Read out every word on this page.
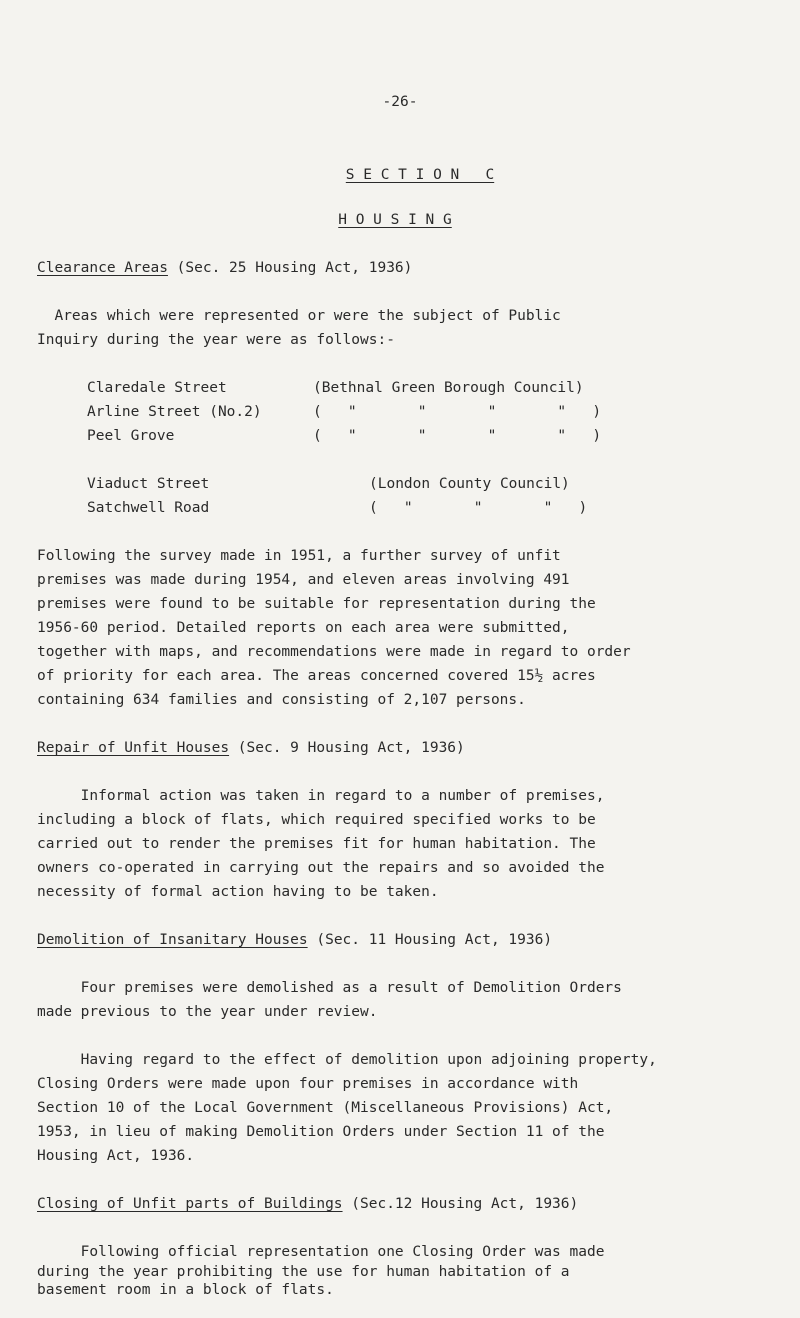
-26-
S E C T I O N   C
H O U S I N G
Clearance Areas (Sec. 25 Housing Act, 1936)
Areas which were represented or were the subject of Public
Inquiry during the year were as follows:-
Claredale Street	(Bethnal Green Borough Council)
Arline Street (No.2)	(   "       "       "       "   )
Peel Grove	(   "       "       "       "   )
Viaduct Street	(London County Council)
Satchwell Road	(   "       "       "   )
Following the survey made in 1951, a further survey of unfit
premises was made during 1954, and eleven areas involving 491
premises were found to be suitable for representation during the
1956-60 period. Detailed reports on each area were submitted,
together with maps, and recommendations were made in regard to order
of priority for each area. The areas concerned covered 15½ acres
containing 634 families and consisting of 2,107 persons.
Repair of Unfit Houses (Sec. 9 Housing Act, 1936)
Informal action was taken in regard to a number of premises,
including a block of flats, which required specified works to be
carried out to render the premises fit for human habitation. The
owners co-operated in carrying out the repairs and so avoided the
necessity of formal action having to be taken.
Demolition of Insanitary Houses (Sec. 11 Housing Act, 1936)
Four premises were demolished as a result of Demolition Orders
made previous to the year under review.
Having regard to the effect of demolition upon adjoining property,
Closing Orders were made upon four premises in accordance with
Section 10 of the Local Government (Miscellaneous Provisions) Act,
1953, in lieu of making Demolition Orders under Section 11 of the
Housing Act, 1936.
Closing of Unfit parts of Buildings (Sec.12 Housing Act, 1936)
Following official representation one Closing Order was made
during the year prohibiting the use for human habitation of a
basement room in a block of flats.
